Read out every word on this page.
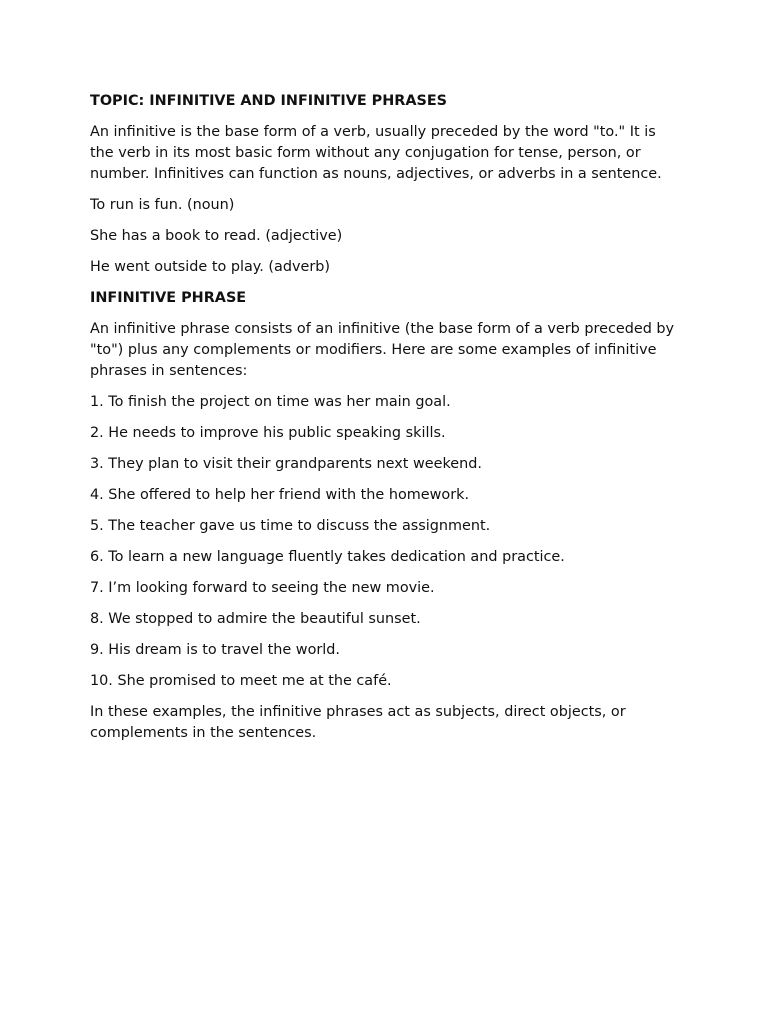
TOPIC: INFINITIVE AND INFINITIVE PHRASES
An infinitive is the base form of a verb, usually preceded by the word "to." It is the verb in its most basic form without any conjugation for tense, person, or number. Infinitives can function as nouns, adjectives, or adverbs in a sentence.
To run is fun. (noun)
She has a book to read. (adjective)
He went outside to play. (adverb)
INFINITIVE PHRASE
An infinitive phrase consists of an infinitive (the base form of a verb preceded by "to") plus any complements or modifiers. Here are some examples of infinitive phrases in sentences:
1. To finish the project on time was her main goal.
2. He needs to improve his public speaking skills.
3. They plan to visit their grandparents next weekend.
4. She offered to help her friend with the homework.
5. The teacher gave us time to discuss the assignment.
6. To learn a new language fluently takes dedication and practice.
7. I’m looking forward to seeing the new movie.
8. We stopped to admire the beautiful sunset.
9. His dream is to travel the world.
10. She promised to meet me at the café.
In these examples, the infinitive phrases act as subjects, direct objects, or complements in the sentences.
